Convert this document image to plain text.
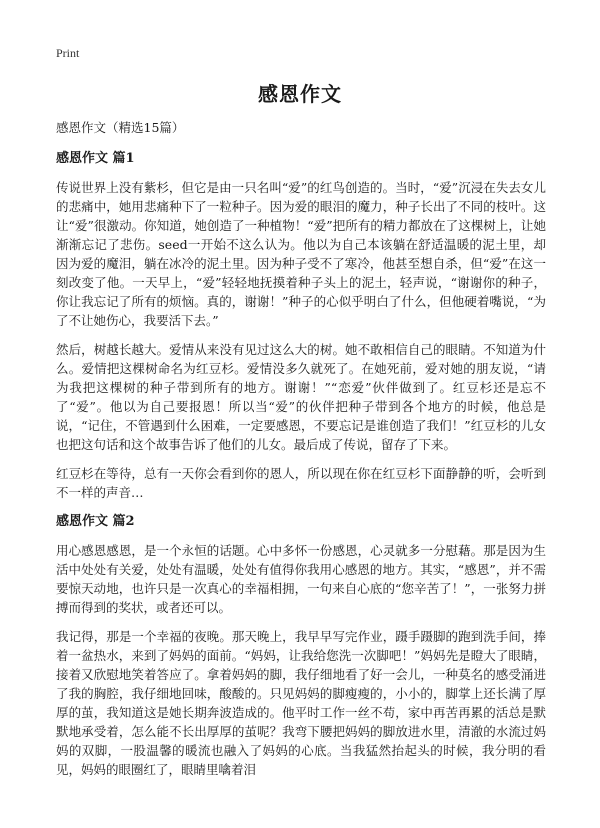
Print
感恩作文

感恩作文（精选15篇）

感恩作文 篇1

传说世界上没有紫杉，但它是由一只名叫“爱”的红鸟创造的。当时，“爱”沉浸在失去女儿的悲痛中，她用悲痛种下了一粒种子。因为爱的眼泪的魔力，种子长出了不同的枝叶。这让“爱”很激动。你知道，她创造了一种植物！“爱”把所有的精力都放在了这棵树上，让她渐渐忘记了悲伤。seed一开始不这么认为。他以为自己本该躺在舒适温暖的泥土里，却因为爱的魔泪，躺在冰冷的泥土里。因为种子受不了寒冷，他甚至想自杀，但“爱”在这一刻改变了他。一天早上，“爱”轻轻地抚摸着种子头上的泥土，轻声说，“谢谢你的种子，你让我忘记了所有的烦恼。真的，谢谢！”种子的心似乎明白了什么，但他硬着嘴说，“为了不让她伤心，我要活下去。”

然后，树越长越大。爱情从来没有见过这么大的树。她不敢相信自己的眼睛。不知道为什么。爱情把这棵树命名为红豆杉。爱情没多久就死了。在她死前，爱对她的朋友说，“请为我把这棵树的种子带到所有的地方。谢谢！”“恋爱”伙伴做到了。红豆杉还是忘不了“爱”。他以为自己要报恩！所以当“爱”的伙伴把种子带到各个地方的时候，他总是说，“记住，不管遇到什么困难，一定要感恩，不要忘记是谁创造了我们！”红豆杉的儿女也把这句话和这个故事告诉了他们的儿女。最后成了传说，留存了下来。

红豆杉在等待，总有一天你会看到你的恩人，所以现在你在红豆杉下面静静的听，会听到不一样的声音…

感恩作文 篇2

用心感恩感恩，是一个永恒的话题。心中多怀一份感恩，心灵就多一分慰藉。那是因为生活中处处有关爱，处处有温暖，处处有值得你我用心感恩的地方。其实，“感恩”，并不需要惊天动地，也许只是一次真心的幸福相拥，一句来自心底的“您辛苦了！”，一张努力拼搏而得到的奖状，或者还可以。

我记得，那是一个幸福的夜晚。那天晚上，我早早写完作业，蹑手蹑脚的跑到洗手间，捧着一盆热水，来到了妈妈的面前。“妈妈，让我给您洗一次脚吧！”妈妈先是瞪大了眼睛，接着又欣慰地笑着答应了。拿着妈妈的脚，我仔细地看了好一会儿，一种莫名的感受涌进了我的胸腔，我仔细地回味，酸酸的。只见妈妈的脚瘦瘦的，小小的，脚掌上还长满了厚厚的茧，我知道这是她长期奔波造成的。他平时工作一丝不苟，家中再苦再累的活总是默默地承受着，怎么能不长出厚厚的茧呢？我弯下腰把妈妈的脚放进水里，清澈的水流过妈妈的双脚，一股温馨的暖流也融入了妈妈的心底。当我猛然抬起头的时候，我分明的看见，妈妈的眼圈红了，眼睛里噙着泪
